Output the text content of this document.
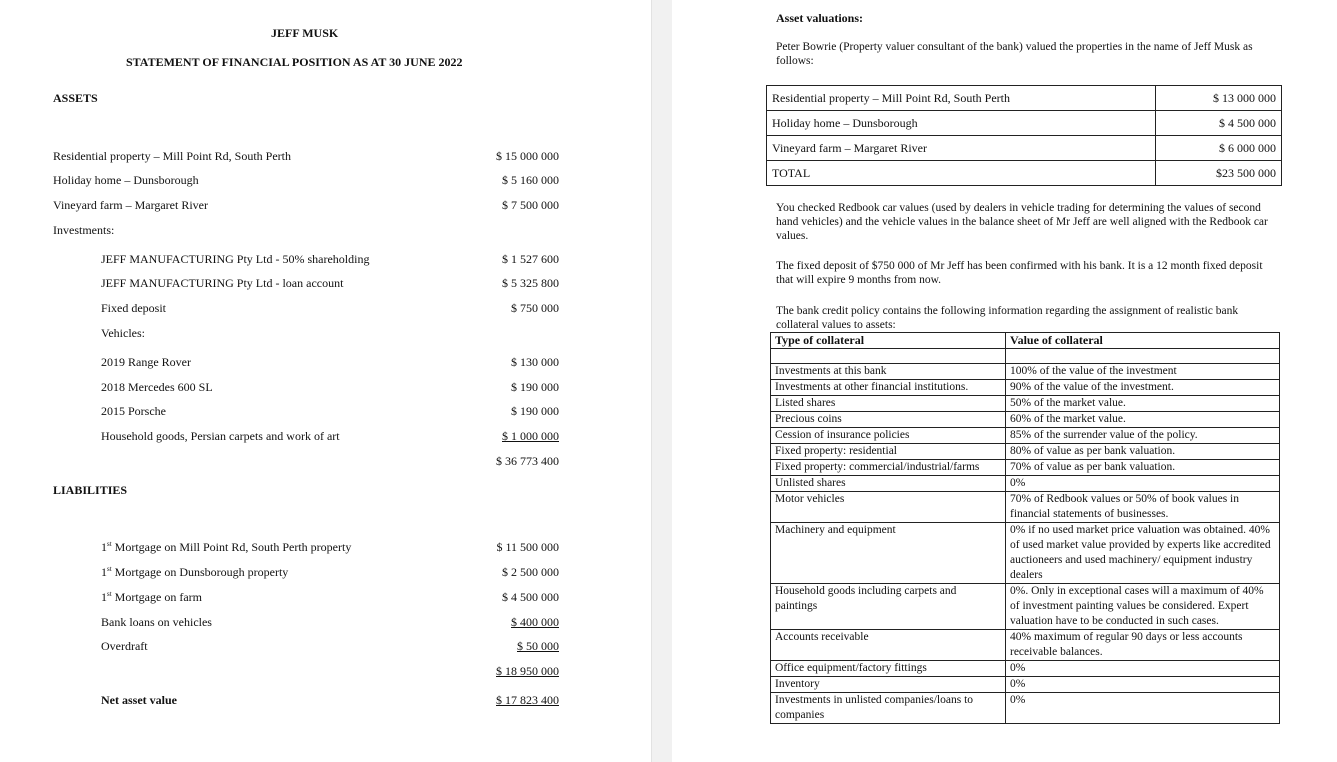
JEFF MUSK
STATEMENT OF FINANCIAL POSITION AS AT 30 JUNE 2022
ASSETS
Residential property – Mill Point Rd, South Perth	$ 15 000 000
Holiday home – Dunsborough	$ 5 160 000
Vineyard farm – Margaret River	$ 7 500 000
Investments:
JEFF MANUFACTURING Pty Ltd - 50% shareholding	$ 1 527 600
JEFF MANUFACTURING Pty Ltd - loan account	$ 5 325 800
Fixed deposit	$ 750 000
Vehicles:
2019 Range Rover	$ 130 000
2018 Mercedes 600 SL	$ 190 000
2015 Porsche	$ 190 000
Household goods, Persian carpets and work of art	$ 1 000 000
$ 36 773 400
LIABILITIES
1st Mortgage on Mill Point Rd, South Perth property	$ 11 500 000
1st Mortgage on Dunsborough property	$ 2 500 000
1st Mortgage on farm	$ 4 500 000
Bank loans on vehicles	$ 400 000
Overdraft	$ 50 000
$ 18 950 000
Net asset value	$ 17 823 400
Asset valuations:
Peter Bowrie (Property valuer consultant of the bank) valued the properties in the name of Jeff Musk as follows:
Residential property – Mill Point Rd, South Perth	$ 13 000 000
Holiday home – Dunsborough	$ 4 500 000
Vineyard farm – Margaret River	$ 6 000 000
TOTAL	$23 500 000
You checked Redbook car values (used by dealers in vehicle trading for determining the values of second hand vehicles) and the vehicle values in the balance sheet of Mr Jeff are well aligned with the Redbook car values.
The fixed deposit of $750 000 of Mr Jeff has been confirmed with his bank. It is a 12 month fixed deposit that will expire 9 months from now.
The bank credit policy contains the following information regarding the assignment of realistic bank collateral values to assets:
Type of collateral	Value of collateral

Investments at this bank	100% of the value of the investment
Investments at other financial institutions.	90% of the value of the investment.
Listed shares	50% of the market value.
Precious coins	60% of the market value.
Cession of insurance policies	85% of the surrender value of the policy.
Fixed property: residential	80% of value as per bank valuation.
Fixed property: commercial/industrial/farms	70% of value as per bank valuation.
Unlisted shares	0%
Motor vehicles	70% of Redbook values or 50% of book values in financial statements of businesses.
Machinery and equipment	0% if no used market price valuation was obtained. 40% of used market value provided by experts like accredited auctioneers and used machinery/ equipment industry dealers
Household goods including carpets and paintings	0%. Only in exceptional cases will a maximum of 40% of investment painting values be considered. Expert valuation have to be conducted in such cases.
Accounts receivable	40% maximum of regular 90 days or less accounts receivable balances.
Office equipment/factory fittings	0%
Inventory	0%
Investments in unlisted companies/loans to companies	0%
